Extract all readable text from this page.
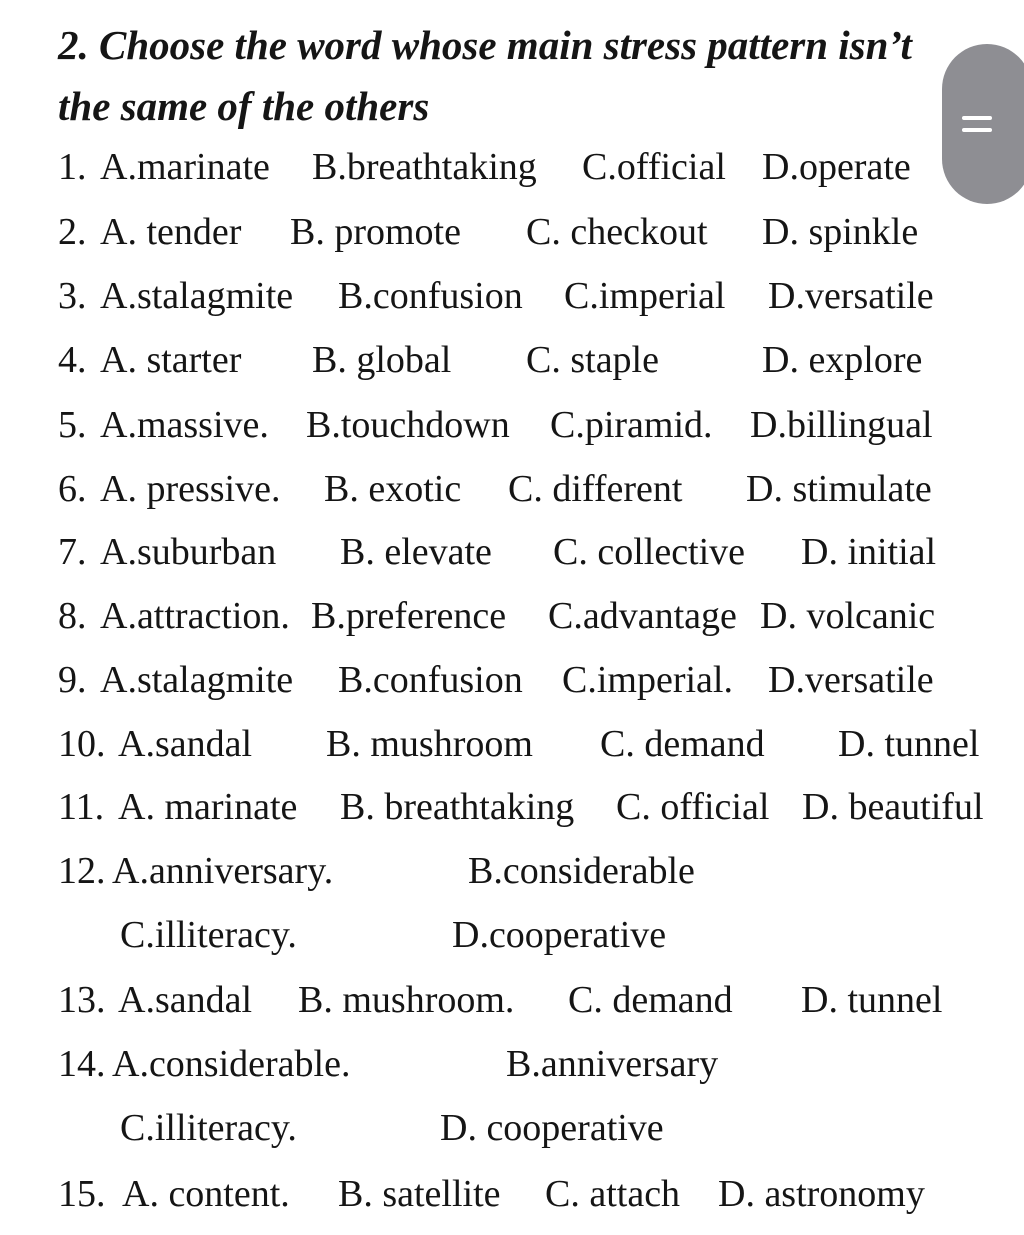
2. Choose the word whose main stress pattern isn’t
the same of the others
1. A.marinate B.breathtaking C.official D.operate
2. A. tender B. promote C. checkout D. spinkle
3. A.stalagmite B.confusion C.imperial D.versatile
4. A. starter B. global C. staple	D. explore
5. A.massive. B.touchdown C.piramid. D.billingual
6. A. pressive. B. exotic C. different D. stimulate
7. A.suburban B. elevate C. collective D. initial
8. A.attraction. B.preference C.advantage D. volcanic
9. A.stalagmite B.confusion C.imperial. D.versatile
10. A.sandal B. mushroom C. demand D. tunnel
11. A. marinate B. breathtaking C. official D. beautiful
12. A.anniversary.	B.considerable
C.illiteracy.	D.cooperative
13. A.sandal B. mushroom. C. demand D. tunnel
14. A.considerable.	B.anniversary
C.illiteracy.	D. cooperative
15. A. content. B. satellite C. attach D. astronomy
